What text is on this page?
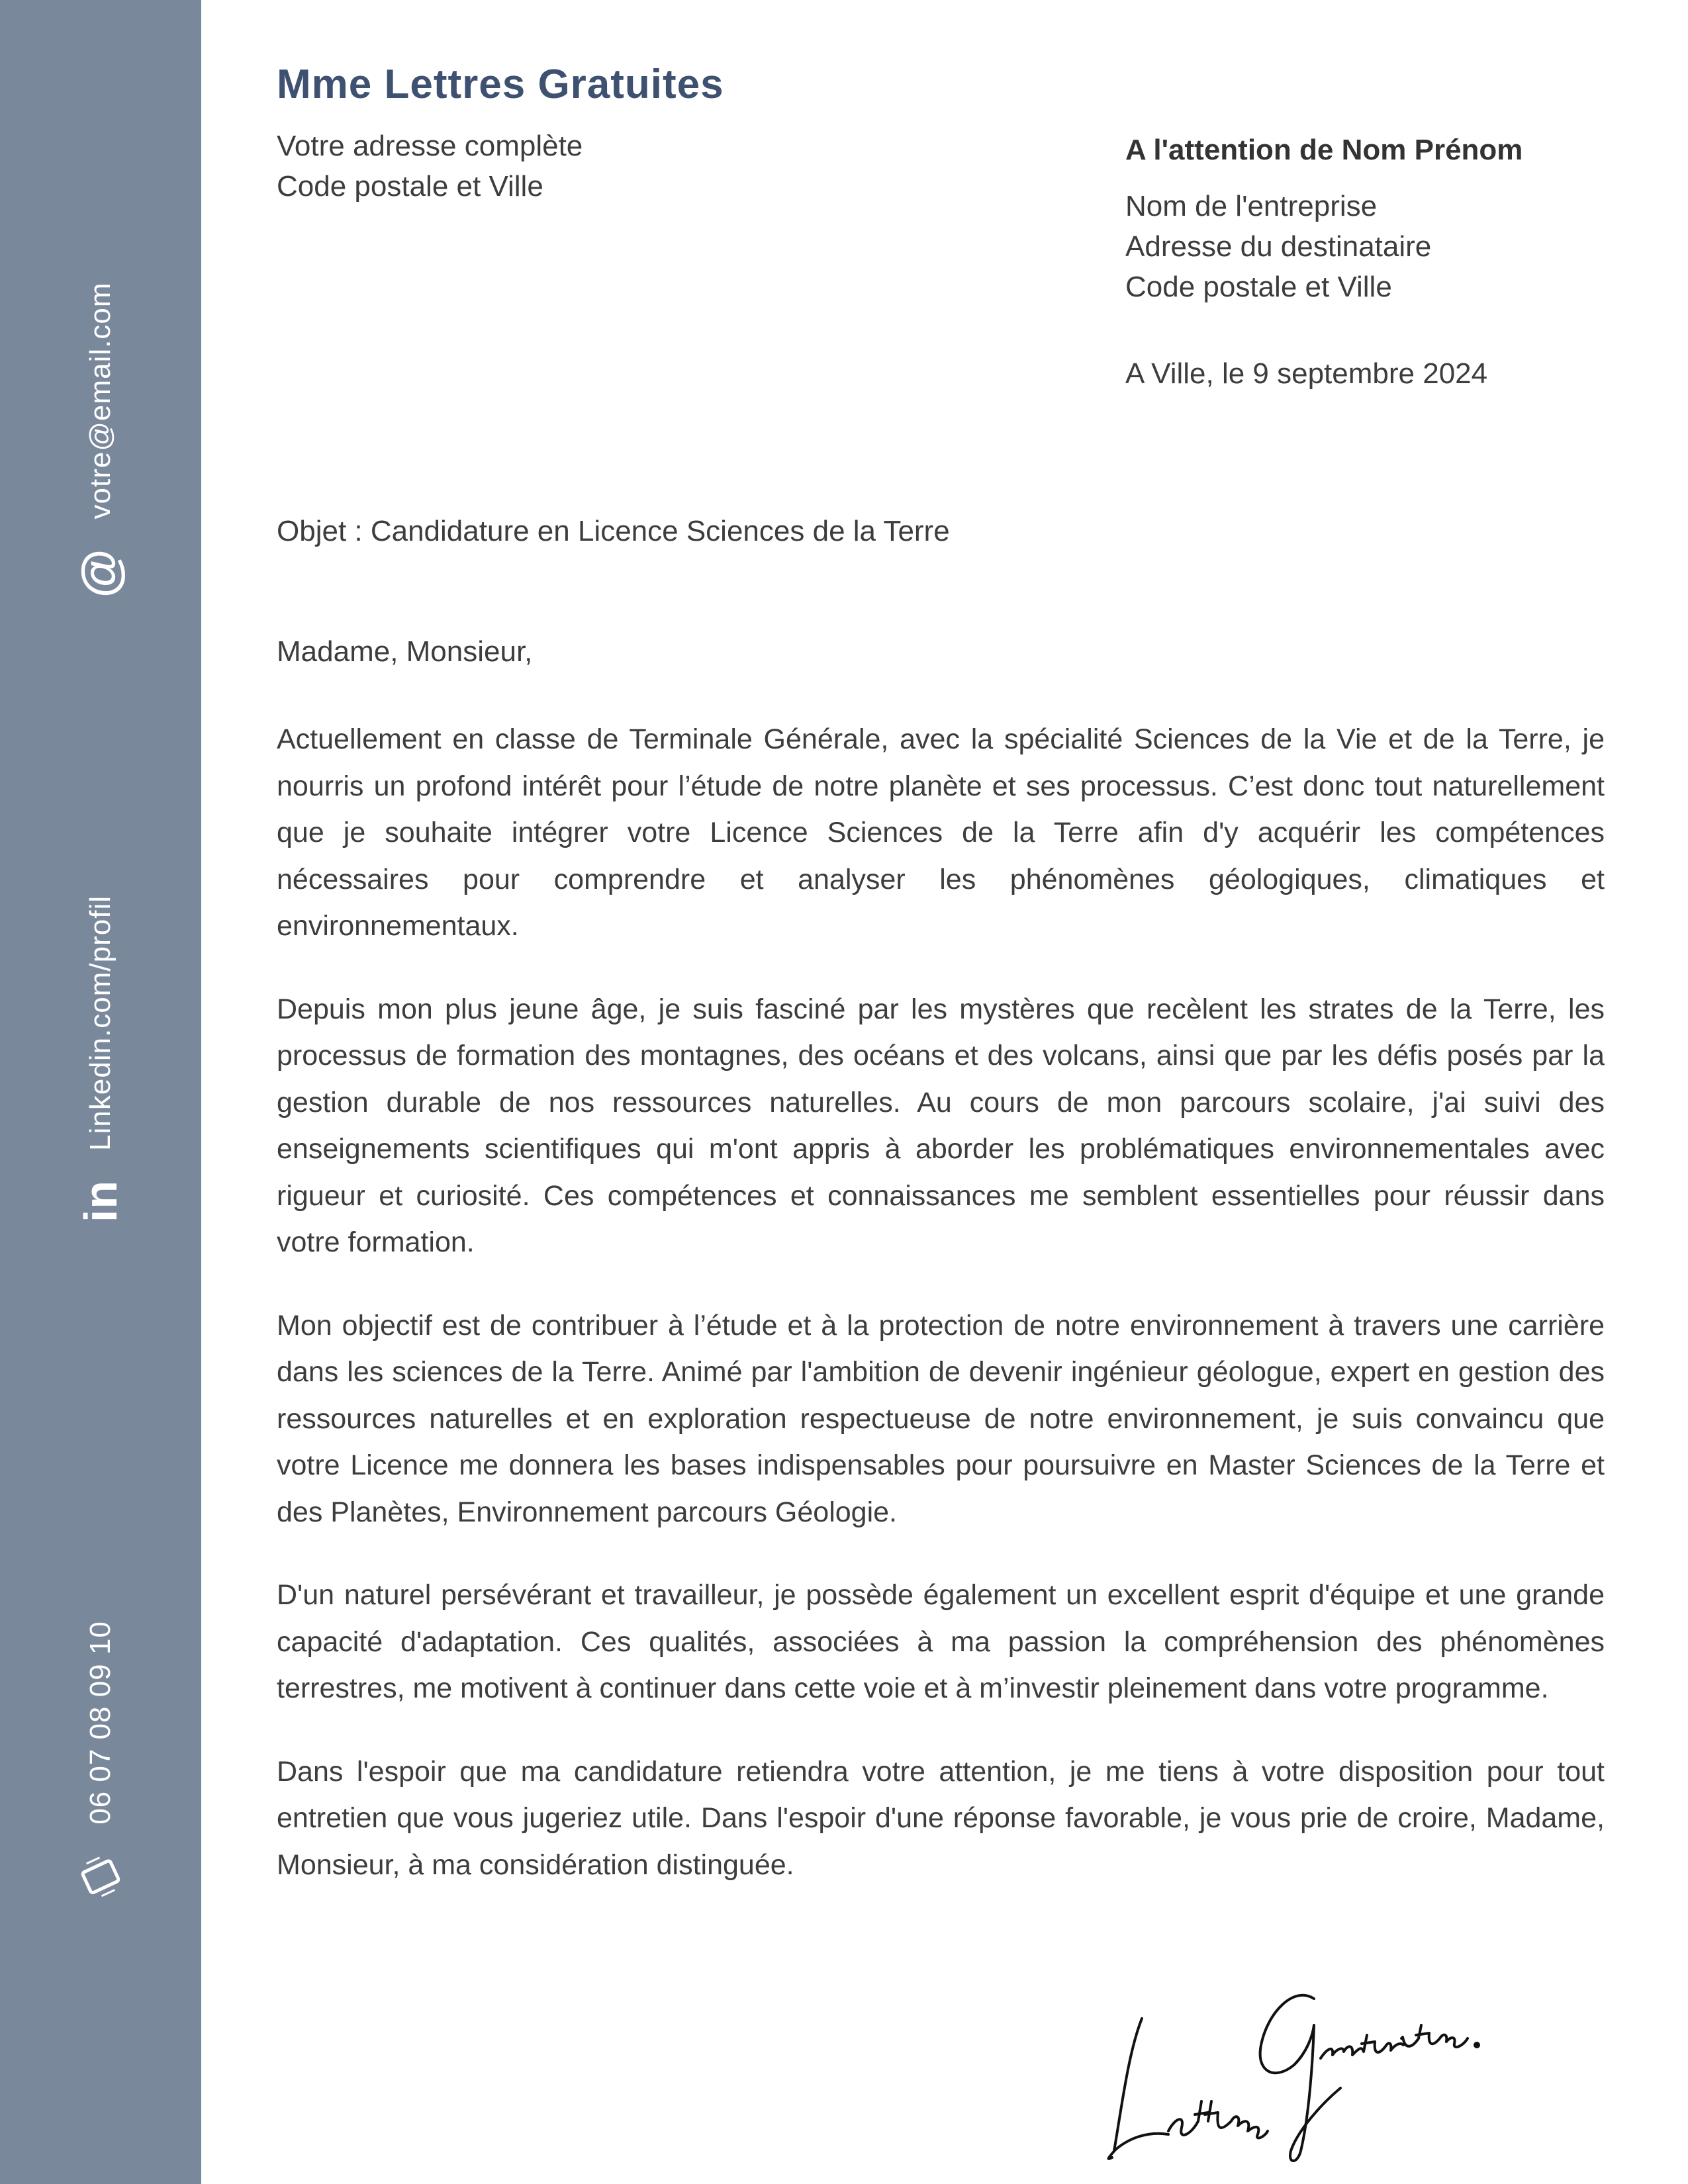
@
votre@email.com
in
Linkedin.com/profil
06 07 08 09 10
Mme Lettres Gratuites
Votre adresse complète
Code postale et Ville
A l'attention de Nom Prénom
Nom de l'entreprise
Adresse du destinataire
Code postale et Ville
A Ville, le 9 septembre 2024
Objet : Candidature en Licence Sciences de la Terre
Madame, Monsieur,

Actuellement en classe de Terminale Générale, avec la spécialité Sciences de la Vie et de la Terre, je nourris un profond intérêt pour l’étude de notre planète et ses processus. C’est donc tout naturellement que je souhaite intégrer votre Licence Sciences de la Terre afin d'y acquérir les compétences nécessaires pour comprendre et analyser les phénomènes géologiques, climatiques et environnementaux.

Depuis mon plus jeune âge, je suis fasciné par les mystères que recèlent les strates de la Terre, les processus de formation des montagnes, des océans et des volcans, ainsi que par les défis posés par la gestion durable de nos ressources naturelles. Au cours de mon parcours scolaire, j'ai suivi des enseignements scientifiques qui m'ont appris à aborder les problématiques environnementales avec rigueur et curiosité. Ces compétences et connaissances me semblent essentielles pour réussir dans votre formation.

Mon objectif est de contribuer à l’étude et à la protection de notre environnement à travers une carrière dans les sciences de la Terre. Animé par l'ambition de devenir ingénieur géologue, expert en gestion des ressources naturelles et en exploration respectueuse de notre environnement, je suis convaincu que votre Licence me donnera les bases indispensables pour poursuivre en Master Sciences de la Terre et des Planètes, Environnement parcours Géologie.

D'un naturel persévérant et travailleur, je possède également un excellent esprit d'équipe et une grande capacité d'adaptation. Ces qualités, associées à ma passion la compréhension des phénomènes terrestres, me motivent à continuer dans cette voie et à m’investir pleinement dans votre programme.

Dans l'espoir que ma candidature retiendra votre attention, je me tiens à votre disposition pour tout entretien que vous jugeriez utile. Dans l'espoir d'une réponse favorable, je vous prie de croire, Madame, Monsieur, à ma considération distinguée.
